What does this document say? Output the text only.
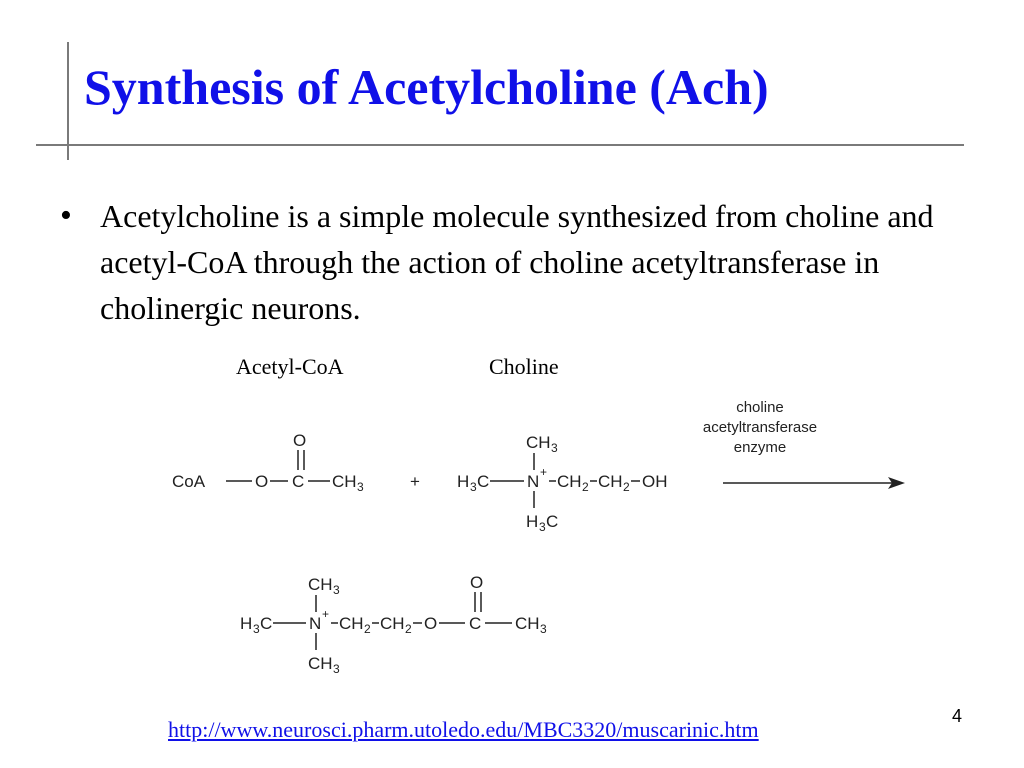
Synthesis of Acetylcholine (Ach)
• Acetylcholine is a simple molecule synthesized from choline and acetyl-CoA through the action of choline acetyltransferase in cholinergic neurons.
Acetyl-CoA	Choline
CoA	O C
O
CH 3	+
CH 3
H 3 C N + CH 2 CH 2 OH
H 3 C
choline
acetyltransferase
enzyme
CH 3
H 3 C N + CH 2 CH 2 O C
O
CH 3
CH 3
http://www.neurosci.pharm.utoledo.edu/MBC3320/muscarinic.htm
4
